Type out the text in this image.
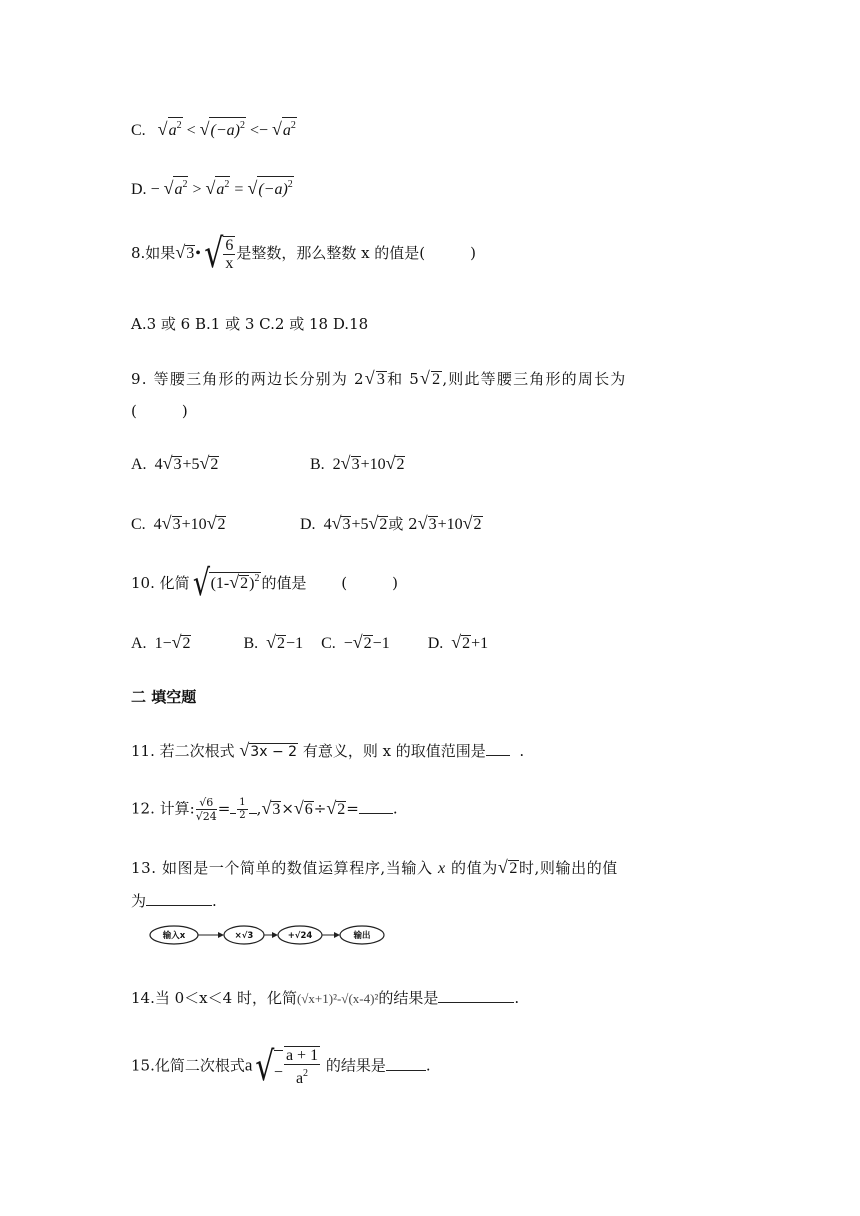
C. $√a^2 < √(-a)^2 <- √a^2$
D. − $√a^2 > √a^2 = √(-a)^2$
8.如果√3•√ $\frac{6}{x}$ 是整数，那么整数 x 的值是(　　　)
A.3 或 6 B.1 或 3 C.2 或 18 D.18
9. 等腰三角形的两边长分别为 2√3和 5√2,则此等腰三角形的周长为
(　　　)
A. 4√3+5√2	B. 2√3+10√2
C. 4√3+10√2	D. 4√3+5√2或 2√3+10√2
10. 化简$√(1-√2)^2$ 的值是　　 (　　　)
A. 1−√2	B. √2−1 C. −√2−1 D. √2+1
二 填空题
11. 若二次根式 √3x − 2 有意义，则 x 的取值范围是 .
12. 计算: $\frac{√6}{√24} = \frac{1}{2} ,√3\times√6\div√2=$ .
13. 如图是一个简单的数值运算程序,当输入 x 的值为√2时,则输出的值
为	.
输入x	×√3	+√24	输出
14.当 0＜x＜4 时，化简(√x+1)²-√(x-4)²的结果是	.
15.化简二次根式$a√- \frac{a + 1}{a^2}$ 的结果是	.
